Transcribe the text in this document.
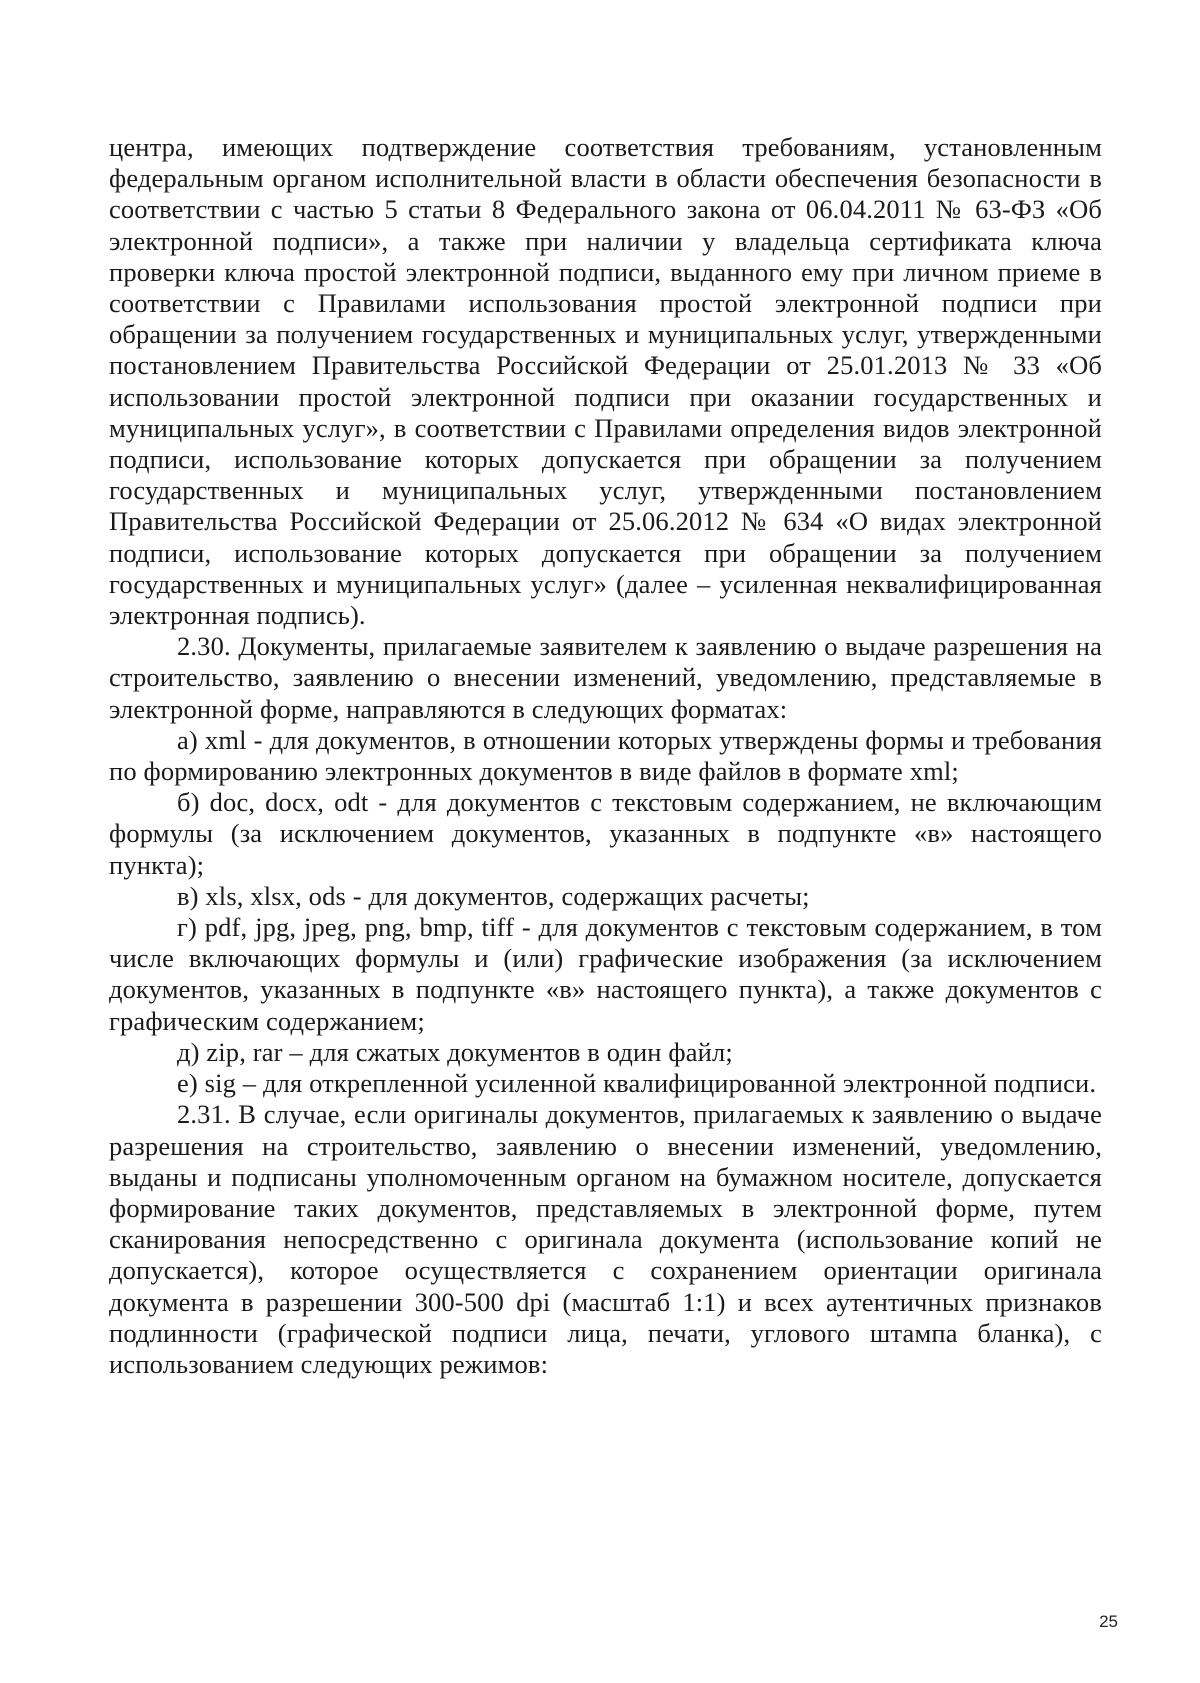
центра, имеющих подтверждение соответствия требованиям, установленным федеральным органом исполнительной власти в области обеспечения безопасности в соответствии с частью 5 статьи 8 Федерального закона от 06.04.2011 № 63-ФЗ «Об электронной подписи», а также при наличии у владельца сертификата ключа проверки ключа простой электронной подписи, выданного ему при личном приеме в соответствии с Правилами использования простой электронной подписи при обращении за получением государственных и муниципальных услуг, утвержденными постановлением Правительства Российской Федерации от 25.01.2013 № 33 «Об использовании простой электронной подписи при оказании государственных и муниципальных услуг», в соответствии с Правилами определения видов электронной подписи, использование которых допускается при обращении за получением государственных и муниципальных услуг, утвержденными постановлением Правительства Российской Федерации от 25.06.2012 № 634 «О видах электронной подписи, использование которых допускается при обращении за получением государственных и муниципальных услуг» (далее – усиленная неквалифицированная электронная подпись).

2.30. Документы, прилагаемые заявителем к заявлению о выдаче разрешения на строительство, заявлению о внесении изменений, уведомлению, представляемые в электронной форме, направляются в следующих форматах:

а) xml - для документов, в отношении которых утверждены формы и требования по формированию электронных документов в виде файлов в формате xml;

б) doc, docx, odt - для документов с текстовым содержанием, не включающим формулы (за исключением документов, указанных в подпункте «в» настоящего пункта);

в) xls, xlsx, ods - для документов, содержащих расчеты;

г) pdf, jpg, jpeg, png, bmp, tiff - для документов с текстовым содержанием, в том числе включающих формулы и (или) графические изображения (за исключением документов, указанных в подпункте «в» настоящего пункта), а также документов с графическим содержанием;

д) zip, rar – для сжатых документов в один файл;

е) sig – для открепленной усиленной квалифицированной электронной подписи.

2.31. В случае, если оригиналы документов, прилагаемых к заявлению о выдаче разрешения на строительство, заявлению о внесении изменений, уведомлению, выданы и подписаны уполномоченным органом на бумажном носителе, допускается формирование таких документов, представляемых в электронной форме, путем сканирования непосредственно с оригинала документа (использование копий не допускается), которое осуществляется с сохранением ориентации оригинала документа в разрешении 300-500 dpi (масштаб 1:1) и всех аутентичных признаков подлинности (графической подписи лица, печати, углового штампа бланка), с использованием следующих режимов:

25
